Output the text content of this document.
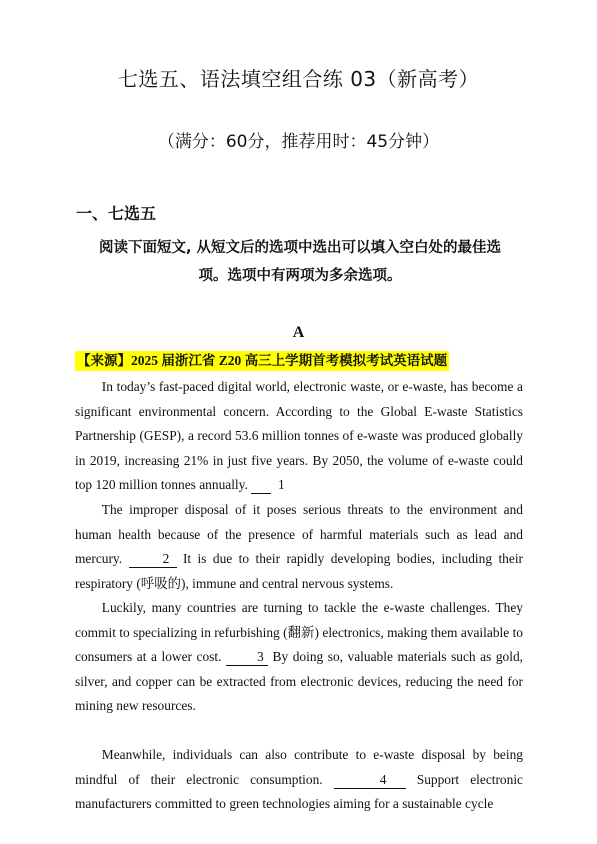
七选五、语法填空组合练 03（新高考）
（满分：60分，推荐用时：45分钟）
一、七选五
阅读下面短文, 从短文后的选项中选出可以填入空白处的最佳选
项。选项中有两项为多余选项。
A
【来源】2025 届浙江省 Z20 高三上学期首考模拟考试英语试题

In today’s fast-paced digital world, electronic waste, or e-waste, has become a significant environmental concern. According to the Global E-waste Statistics Partnership (GESP), a record 53.6 million tonnes of e-waste was produced globally in 2019, increasing 21% in just five years. By 2050, the volume of e-waste could top 120 million tonnes annually. 1

The improper disposal of it poses serious threats to the environment and human health because of the presence of harmful materials such as lead and mercury.	2 It is due to their rapidly developing bodies, including their respiratory (呼吸的), immune and central nervous systems.

Luckily, many countries are turning to tackle the e-waste challenges. They commit to specializing in refurbishing (翻新) electronics, making them available to consumers at a lower cost. 3 By doing so, valuable materials such as gold, silver, and copper can be extracted from electronic devices, reducing the need for mining new resources.

Meanwhile, individuals can also contribute to e-waste disposal by being mindful of their electronic consumption.	4 Support electronic manufacturers committed to green technologies aiming for a sustainable cycle
